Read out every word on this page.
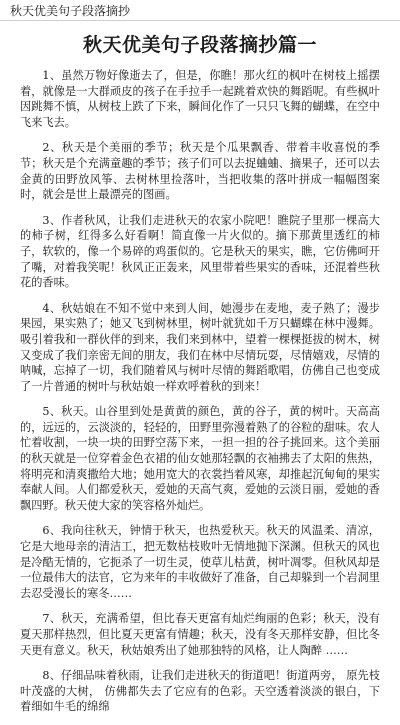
秋天优美句子段落摘抄
秋天优美句子段落摘抄篇一

1、虽然万物好像逝去了，但是，你瞧！那火红的枫叶在树枝上摇摆着，就像是一大群顽皮的孩子在手拉手一起跳着欢快的舞蹈呢。有些枫叶因跳舞不慎，从树枝上跌了下来，瞬间化作了一只只飞舞的蝴蝶，在空中飞来飞去。

2、秋天是个美丽的季节；秋天是个瓜果飘香、带着丰收喜悦的季节；秋天是个充满童趣的季节；孩子们可以去捉蛐蛐、摘果子，还可以去金黄的田野放风筝、去树林里捡落叶，当把收集的落叶拼成一幅幅图案时，就会是世上最漂亮的图画。

3、作者秋风，让我们走进秋天的农家小院吧！瞧院子里那一棵高大的柿子树，红得多么好看啊！简直像一片火似的。摘下那黄里透红的柿子，软软的，像一个易碎的鸡蛋似的。它是秋天的果实，瞧，它仿佛呵开了嘴，对着我笑呢！秋风正正轰来，风里带着些果实的香味，还混着些秋花的香味。

4、秋姑娘在不知不觉中来到人间，她漫步在麦地，麦子熟了；漫步果园，果实熟了；她又飞到树林里，树叶就犹如千万只蝴蝶在林中漫舞。吸引着我和一群伙伴的到来，我们来到林中，望着一棵棵挺拔的树木，树又变成了我们亲密无间的朋友，我们在林中尽情玩耍，尽情嬉戏，尽情的呐喊，忘掉了一切，我们随着风与树叶尽情的舞蹈歌唱，仿佛自己也变成了一片普通的树叶与秋姑娘一样欢呼着秋的到来！

5、秋天。山谷里到处是黄黄的颜色，黄的谷子，黄的树叶。天高高的，远远的，云淡淡的，轻轻的，田野里弥漫着熟了的谷粒的甜味。农人忙着收割，一块一块的田野空荡下来，一担一担的谷子挑回来。这个美丽的秋天就是一位穿着金色衣裙的仙女她那轻飘的衣袖拂去了太阳的焦热，将明亮和清爽撒给大地；她用宽大的衣裳挡着风寒，却推起沉甸甸的果实奉献人间。人们都爱秋天，爱她的天高气爽，爱她的云淡日丽，爱她的香飘四野。秋天使大家的笑容格外灿烂。

6、我向往秋天，钟情于秋天，也热爱秋天。秋天的风温柔、清凉，它是大地母亲的清洁工，把无数枯枝败叶无情地抛下深渊。但秋天的风也是冷酷无情的，它扼杀了一切生灵，使草儿枯黄，树叶凋零。但秋风却是一位最伟大的法官，它为来年的丰收做好了准备，自己却躲到一个岩洞里去忍受漫长的寒冬……

7、秋天，充满希望，但比春天更富有灿烂绚丽的色彩；秋天，没有夏天那样热烈，但比夏天更富有情趣；秋天，没有冬天那样安静，但比冬天更有意义。秋天，秋姑娘秀出了她那独特的风格，让人陶醉 ……

8、仔细品味着秋雨，让我们走进秋天的街道吧！街道两旁， 原先枝叶茂盛的大树， 仿佛都失去了它应有的色彩。天空透着淡淡的银白，下着细如牛毛的绵绵
